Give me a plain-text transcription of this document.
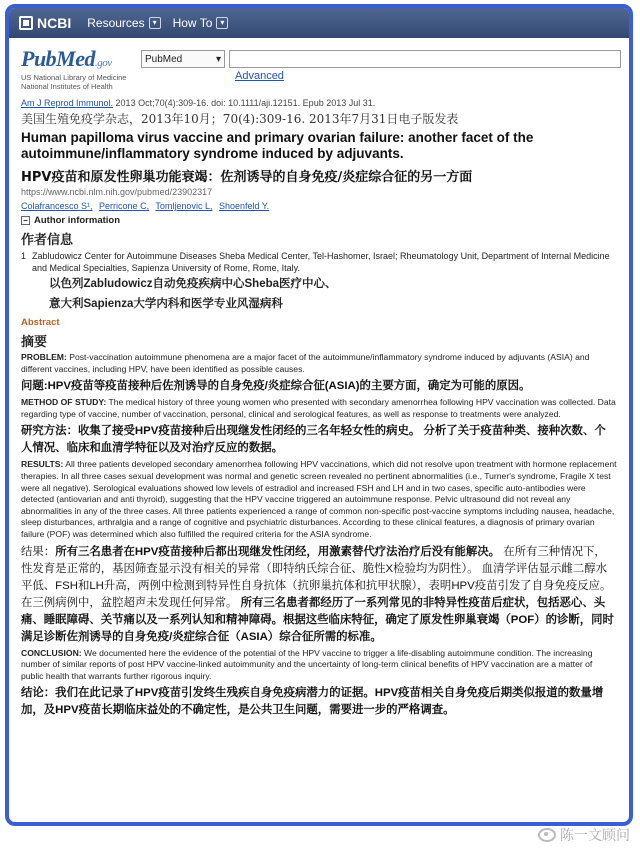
NCBI Resources ▾	How To ▾
PubMed.gov
US National Library of Medicine
National Institutes of Health
PubMed	▾
Advanced
Am J Reprod Immunol. 2013 Oct;70(4):309-16. doi: 10.1111/aji.12151. Epub 2013 Jul 31.
美国生殖免疫学杂志，2013年10月；70(4):309-16. 2013年7月31日电子版发表
Human papilloma virus vaccine and primary ovarian failure: another facet of the autoimmune/inflammatory syndrome induced by adjuvants.
HPV疫苗和原发性卵巢功能衰竭：佐剂诱导的自身免疫/炎症综合征的另一方面
https://www.ncbi.nlm.nih.gov/pubmed/23902317
Colafrancesco S¹, Perricone C, Tomljenovic L, Shoenfeld Y.
− Author information
作者信息
1 Zabludowicz Center for Autoimmune Diseases Sheba Medical Center, Tel-Hashomer, Israel; Rheumatology Unit, Department of Internal Medicine and Medical Specialties, Sapienza University of Rome, Rome, Italy.
以色列Zabludowicz自动免疫疾病中心Sheba医疗中心、
意大利Sapienza大学内科和医学专业风湿病科
Abstract
摘要
PROBLEM: Post-vaccination autoimmune phenomena are a major facet of the autoimmune/inflammatory syndrome induced by adjuvants (ASIA) and different vaccines, including HPV, have been identified as possible causes.
问题:HPV疫苗等疫苗接种后佐剂诱导的自身免疫/炎症综合征(ASIA)的主要方面，确定为可能的原因。
METHOD OF STUDY: The medical history of three young women who presented with secondary amenorrhea following HPV vaccination was collected. Data regarding type of vaccine, number of vaccination, personal, clinical and serological features, as well as response to treatments were analyzed.
研究方法：收集了接受HPV疫苗接种后出现继发性闭经的三名年轻女性的病史。 分析了关于疫苗种类、接种次数、个人情况、临床和血清学特征以及对治疗反应的数据。
RESULTS: All three patients developed secondary amenorrhea following HPV vaccinations, which did not resolve upon treatment with hormone replacement therapies. In all three cases sexual development was normal and genetic screen revealed no pertinent abnormalities (i.e., Turner's syndrome, Fragile X test were all negative). Serological evaluations showed low levels of estradiol and increased FSH and LH and in two cases, specific auto-antibodies were detected (antiovarian and anti thyroid), suggesting that the HPV vaccine triggered an autoimmune response. Pelvic ultrasound did not reveal any abnormalities in any of the three cases. All three patients experienced a range of common non-specific post-vaccine symptoms including nausea, headache, sleep disturbances, arthralgia and a range of cognitive and psychiatric disturbances. According to these clinical features, a diagnosis of primary ovarian failure (POF) was determined which also fulfilled the required criteria for the ASIA syndrome.
结果：所有三名患者在HPV疫苗接种后都出现继发性闭经，用激素替代疗法治疗后没有能解决。 在所有三种情况下，性发育是正常的，基因筛查显示没有相关的异常（即特纳氏综合征、脆性X检验均为阴性）。 血清学评估显示雌二醇水平低、FSH和LH升高，两例中检测到特异性自身抗体（抗卵巢抗体和抗甲状腺），表明HPV疫苗引发了自身免疫反应。 在三例病例中，盆腔超声未发现任何异常。 所有三名患者都经历了一系列常见的非特异性疫苗后症状，包括恶心、头痛、睡眠障碍、关节痛以及一系列认知和精神障碍。根据这些临床特征，确定了原发性卵巢衰竭（POF）的诊断，同时满足诊断佐剂诱导的自身免疫/炎症综合征（ASIA）综合征所需的标准。
CONCLUSION: We documented here the evidence of the potential of the HPV vaccine to trigger a life-disabling autoimmune condition. The increasing number of similar reports of post HPV vaccine-linked autoimmunity and the uncertainty of long-term clinical benefits of HPV vaccination are a matter of public health that warrants further rigorous inquiry.
结论：我们在此记录了HPV疫苗引发终生残疾自身免疫病潜力的证据。HPV疫苗相关自身免疫后期类似报道的数量增加，及HPV疫苗长期临床益处的不确定性，是公共卫生问题，需要进一步的严格调查。
陈一文顾问
